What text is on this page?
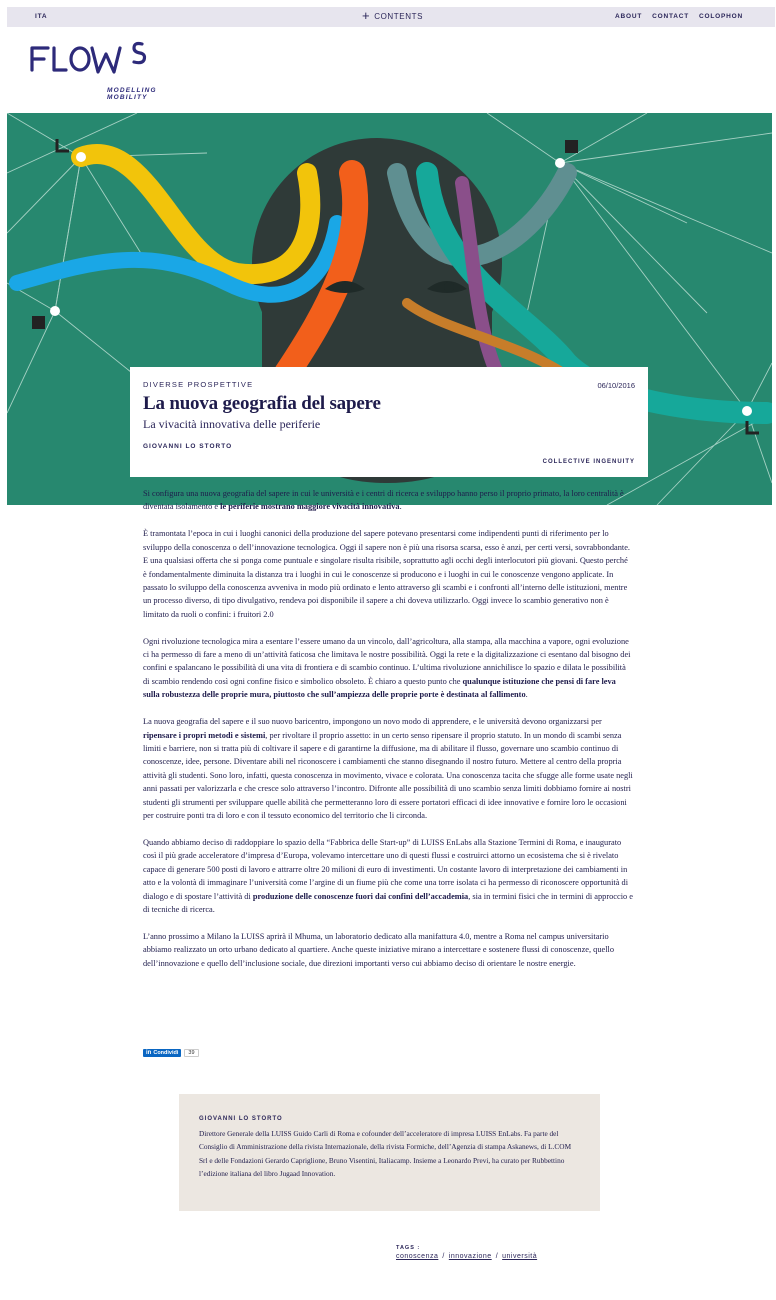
ITA	+ CONTENTS	ABOUT CONTACT COLOPHON
MODELLING MOBILITY
DIVERSE PROSPETTIVE	06/10/2016
La nuova geografia del sapere
La vivacità innovativa delle periferie
GIOVANNI LO STORTO
COLLECTIVE INGENUITY

Si configura una nuova geografia del sapere in cui le università e i centri di ricerca e sviluppo hanno perso il proprio primato, la loro centralità è diventata isolamento e le periferie mostrano maggiore vivacità innovativa.

È tramontata l’epoca in cui i luoghi canonici della produzione del sapere potevano presentarsi come indipendenti punti di riferimento per lo sviluppo della conoscenza o dell’innovazione tecnologica. Oggi il sapere non è più una risorsa scarsa, esso è anzi, per certi versi, sovrabbondante. E una qualsiasi offerta che si ponga come puntuale e singolare risulta risibile, soprattutto agli occhi degli interlocutori più giovani. Questo perché è fondamentalmente diminuita la distanza tra i luoghi in cui le conoscenze si producono e i luoghi in cui le conoscenze vengono applicate. In passato lo sviluppo della conoscenza avveniva in modo più ordinato e lento attraverso gli scambi e i confronti all’interno delle istituzioni, mentre un processo diverso, di tipo divulgativo, rendeva poi disponibile il sapere a chi doveva utilizzarlo. Oggi invece lo scambio generativo non è limitato da ruoli o confini: i fruitori 2.0

Ogni rivoluzione tecnologica mira a esentare l’essere umano da un vincolo, dall’agricoltura, alla stampa, alla macchina a vapore, ogni evoluzione ci ha permesso di fare a meno di un’attività faticosa che limitava le nostre possibilità. Oggi la rete e la digitalizzazione ci esentano dal bisogno dei confini e spalancano le possibilità di una vita di frontiera e di scambio continuo. L’ultima rivoluzione annichilisce lo spazio e dilata le possibilità di scambio rendendo così ogni confine fisico e simbolico obsoleto. È chiaro a questo punto che qualunque istituzione che pensi di fare leva sulla robustezza delle proprie mura, piuttosto che sull’ampiezza delle proprie porte è destinata al fallimento.

La nuova geografia del sapere e il suo nuovo baricentro, impongono un novo modo di apprendere, e le università devono organizzarsi per ripensare i propri metodi e sistemi, per rivoltare il proprio assetto: in un certo senso ripensare il proprio statuto. In un mondo di scambi senza limiti e barriere, non si tratta più di coltivare il sapere e di garantirne la diffusione, ma di abilitare il flusso, governare uno scambio continuo di conoscenze, idee, persone. Diventare abili nel riconoscere i cambiamenti che stanno disegnando il nostro futuro. Mettere al centro della propria attività gli studenti. Sono loro, infatti, questa conoscenza in movimento, vivace e colorata. Una conoscenza tacita che sfugge alle forme usate negli anni passati per valorizzarla e che cresce solo attraverso l’incontro. Difronte alle possibilità di uno scambio senza limiti dobbiamo fornire ai nostri studenti gli strumenti per sviluppare quelle abilità che permetteranno loro di essere portatori efficaci di idee innovative e fornire loro le occasioni per costruire ponti tra di loro e con il tessuto economico del territorio che li circonda.

Quando abbiamo deciso di raddoppiare lo spazio della “Fabbrica delle Start-up” di LUISS EnLabs alla Stazione Termini di Roma, e inaugurato così il più grade acceleratore d’impresa d’Europa, volevamo intercettare uno di questi flussi e costruirci attorno un ecosistema che si è rivelato capace di generare 500 posti di lavoro e attrarre oltre 20 milioni di euro di investimenti. Un costante lavoro di interpretazione dei cambiamenti in atto e la volontà di immaginare l’università come l’argine di un fiume più che come una torre isolata ci ha permesso di riconoscere opportunità di dialogo e di spostare l’attività di produzione delle conoscenze fuori dai confini dell’accademia, sia in termini fisici che in termini di approccio e di tecniche di ricerca.

L’anno prossimo a Milano la LUISS aprirà il Mhuma, un laboratorio dedicato alla manifattura 4.0, mentre a Roma nel campus universitario abbiamo realizzato un orto urbano dedicato al quartiere. Anche queste iniziative mirano a intercettare e sostenere flussi di conoscenze, quello dell’innovazione e quello dell’inclusione sociale, due direzioni importanti verso cui abbiamo deciso di orientare le nostre energie.

in Condividi	39
GIOVANNI LO STORTO
Direttore Generale della LUISS Guido Carli di Roma e cofounder dell’acceleratore di impresa LUISS EnLabs. Fa parte del Consiglio di Amministrazione della rivista Internazionale, della rivista Formiche, dell’Agenzia di stampa Askanews, di L.COM Srl e delle Fondazioni Gerardo Capriglione, Bruno Visentini, Italiacamp. Insieme a Leonardo Previ, ha curato per Rubbettino l’edizione italiana del libro Jugaad Innovation.
TAGS :
conoscenza / innovazione / università
